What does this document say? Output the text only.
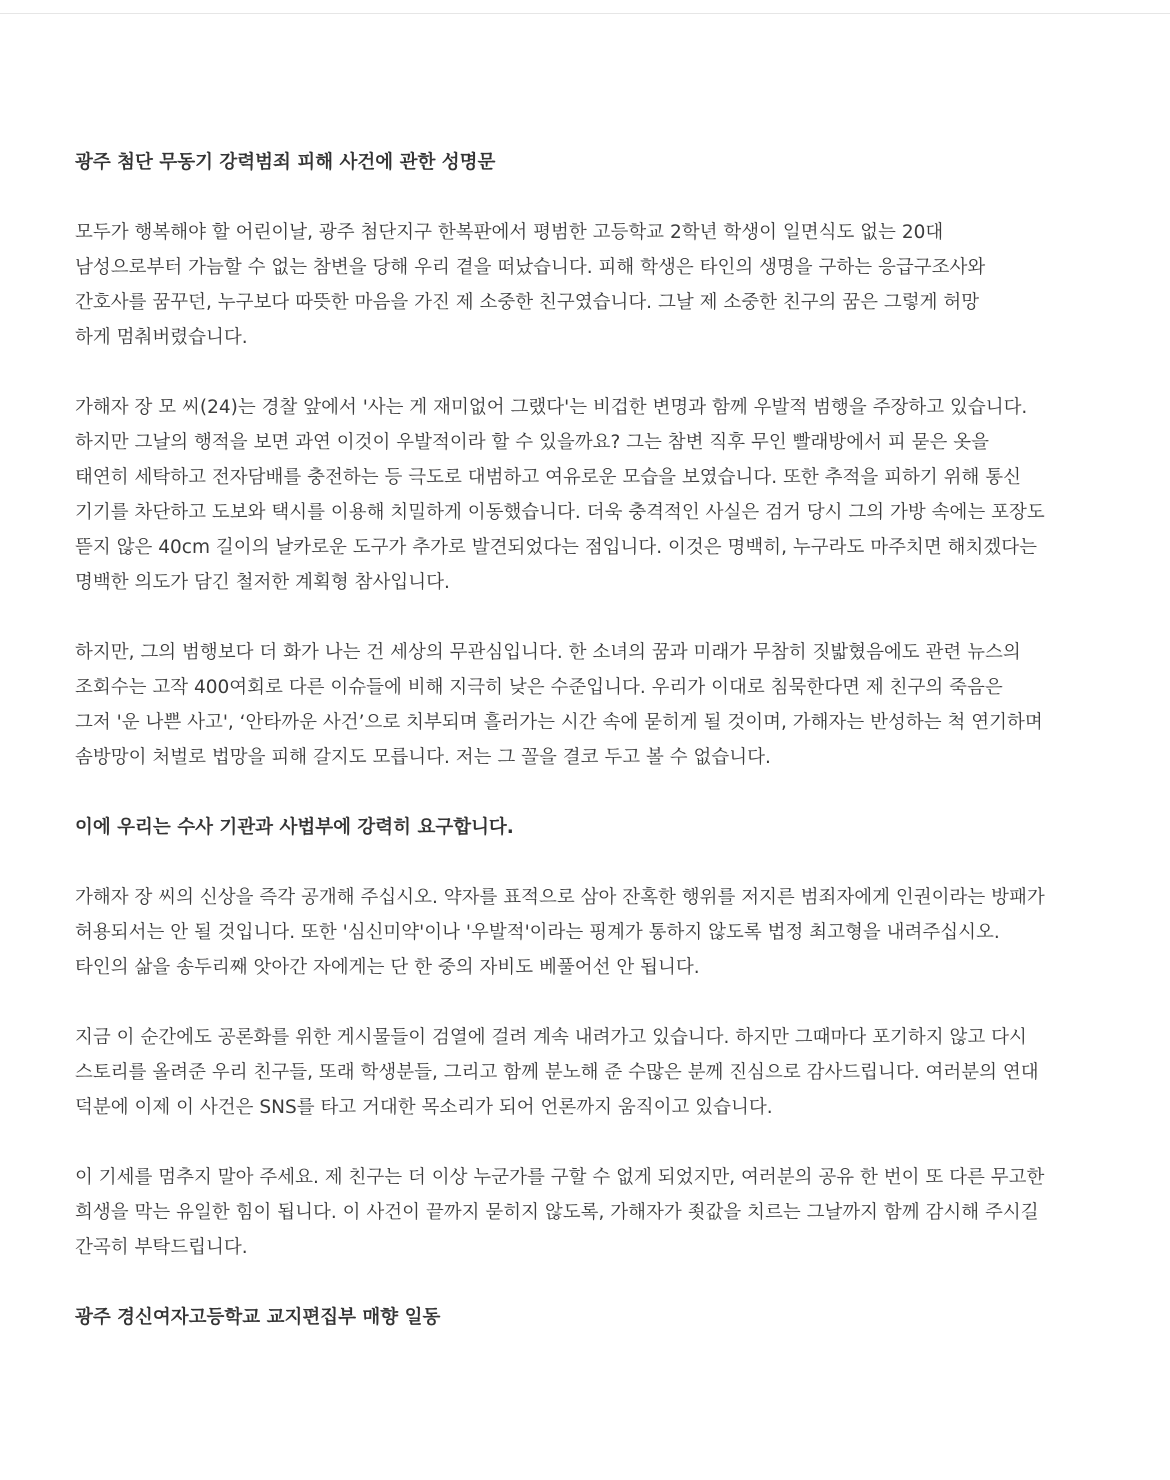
광주 첨단 무동기 강력범죄 피해 사건에 관한 성명문

모두가 행복해야 할 어린이날, 광주 첨단지구 한복판에서 평범한 고등학교 2학년 학생이 일면식도 없는 20대
남성으로부터 가늠할 수 없는 참변을 당해 우리 곁을 떠났습니다. 피해 학생은 타인의 생명을 구하는 응급구조사와
간호사를 꿈꾸던, 누구보다 따뜻한 마음을 가진 제 소중한 친구였습니다. 그날 제 소중한 친구의 꿈은 그렇게 허망
하게 멈춰버렸습니다.

가해자 장 모 씨(24)는 경찰 앞에서 '사는 게 재미없어 그랬다'는 비겁한 변명과 함께 우발적 범행을 주장하고 있습니다.
하지만 그날의 행적을 보면 과연 이것이 우발적이라 할 수 있을까요? 그는 참변 직후 무인 빨래방에서 피 묻은 옷을
태연히 세탁하고 전자담배를 충전하는 등 극도로 대범하고 여유로운 모습을 보였습니다. 또한 추적을 피하기 위해 통신
기기를 차단하고 도보와 택시를 이용해 치밀하게 이동했습니다. 더욱 충격적인 사실은 검거 당시 그의 가방 속에는 포장도
뜯지 않은 40cm 길이의 날카로운 도구가 추가로 발견되었다는 점입니다. 이것은 명백히, 누구라도 마주치면 해치겠다는
명백한 의도가 담긴 철저한 계획형 참사입니다.

하지만, 그의 범행보다 더 화가 나는 건 세상의 무관심입니다. 한 소녀의 꿈과 미래가 무참히 짓밟혔음에도 관련 뉴스의
조회수는 고작 400여회로 다른 이슈들에 비해 지극히 낮은 수준입니다. 우리가 이대로 침묵한다면 제 친구의 죽음은
그저 '운 나쁜 사고', ‘안타까운 사건’으로 치부되며 흘러가는 시간 속에 묻히게 될 것이며, 가해자는 반성하는 척 연기하며
솜방망이 처벌로 법망을 피해 갈지도 모릅니다. 저는 그 꼴을 결코 두고 볼 수 없습니다.

이에 우리는 수사 기관과 사법부에 강력히 요구합니다.

가해자 장 씨의 신상을 즉각 공개해 주십시오. 약자를 표적으로 삼아 잔혹한 행위를 저지른 범죄자에게 인권이라는 방패가
허용되서는 안 될 것입니다. 또한 '심신미약'이나 '우발적'이라는 핑계가 통하지 않도록 법정 최고형을 내려주십시오.
타인의 삶을 송두리째 앗아간 자에게는 단 한 중의 자비도 베풀어선 안 됩니다.

지금 이 순간에도 공론화를 위한 게시물들이 검열에 걸려 계속 내려가고 있습니다. 하지만 그때마다 포기하지 않고 다시
스토리를 올려준 우리 친구들, 또래 학생분들, 그리고 함께 분노해 준 수많은 분께 진심으로 감사드립니다. 여러분의 연대
덕분에 이제 이 사건은 SNS를 타고 거대한 목소리가 되어 언론까지 움직이고 있습니다.

이 기세를 멈추지 말아 주세요. 제 친구는 더 이상 누군가를 구할 수 없게 되었지만, 여러분의 공유 한 번이 또 다른 무고한
희생을 막는 유일한 힘이 됩니다. 이 사건이 끝까지 묻히지 않도록, 가해자가 죗값을 치르는 그날까지 함께 감시해 주시길
간곡히 부탁드립니다.

광주 경신여자고등학교 교지편집부 매향 일동
